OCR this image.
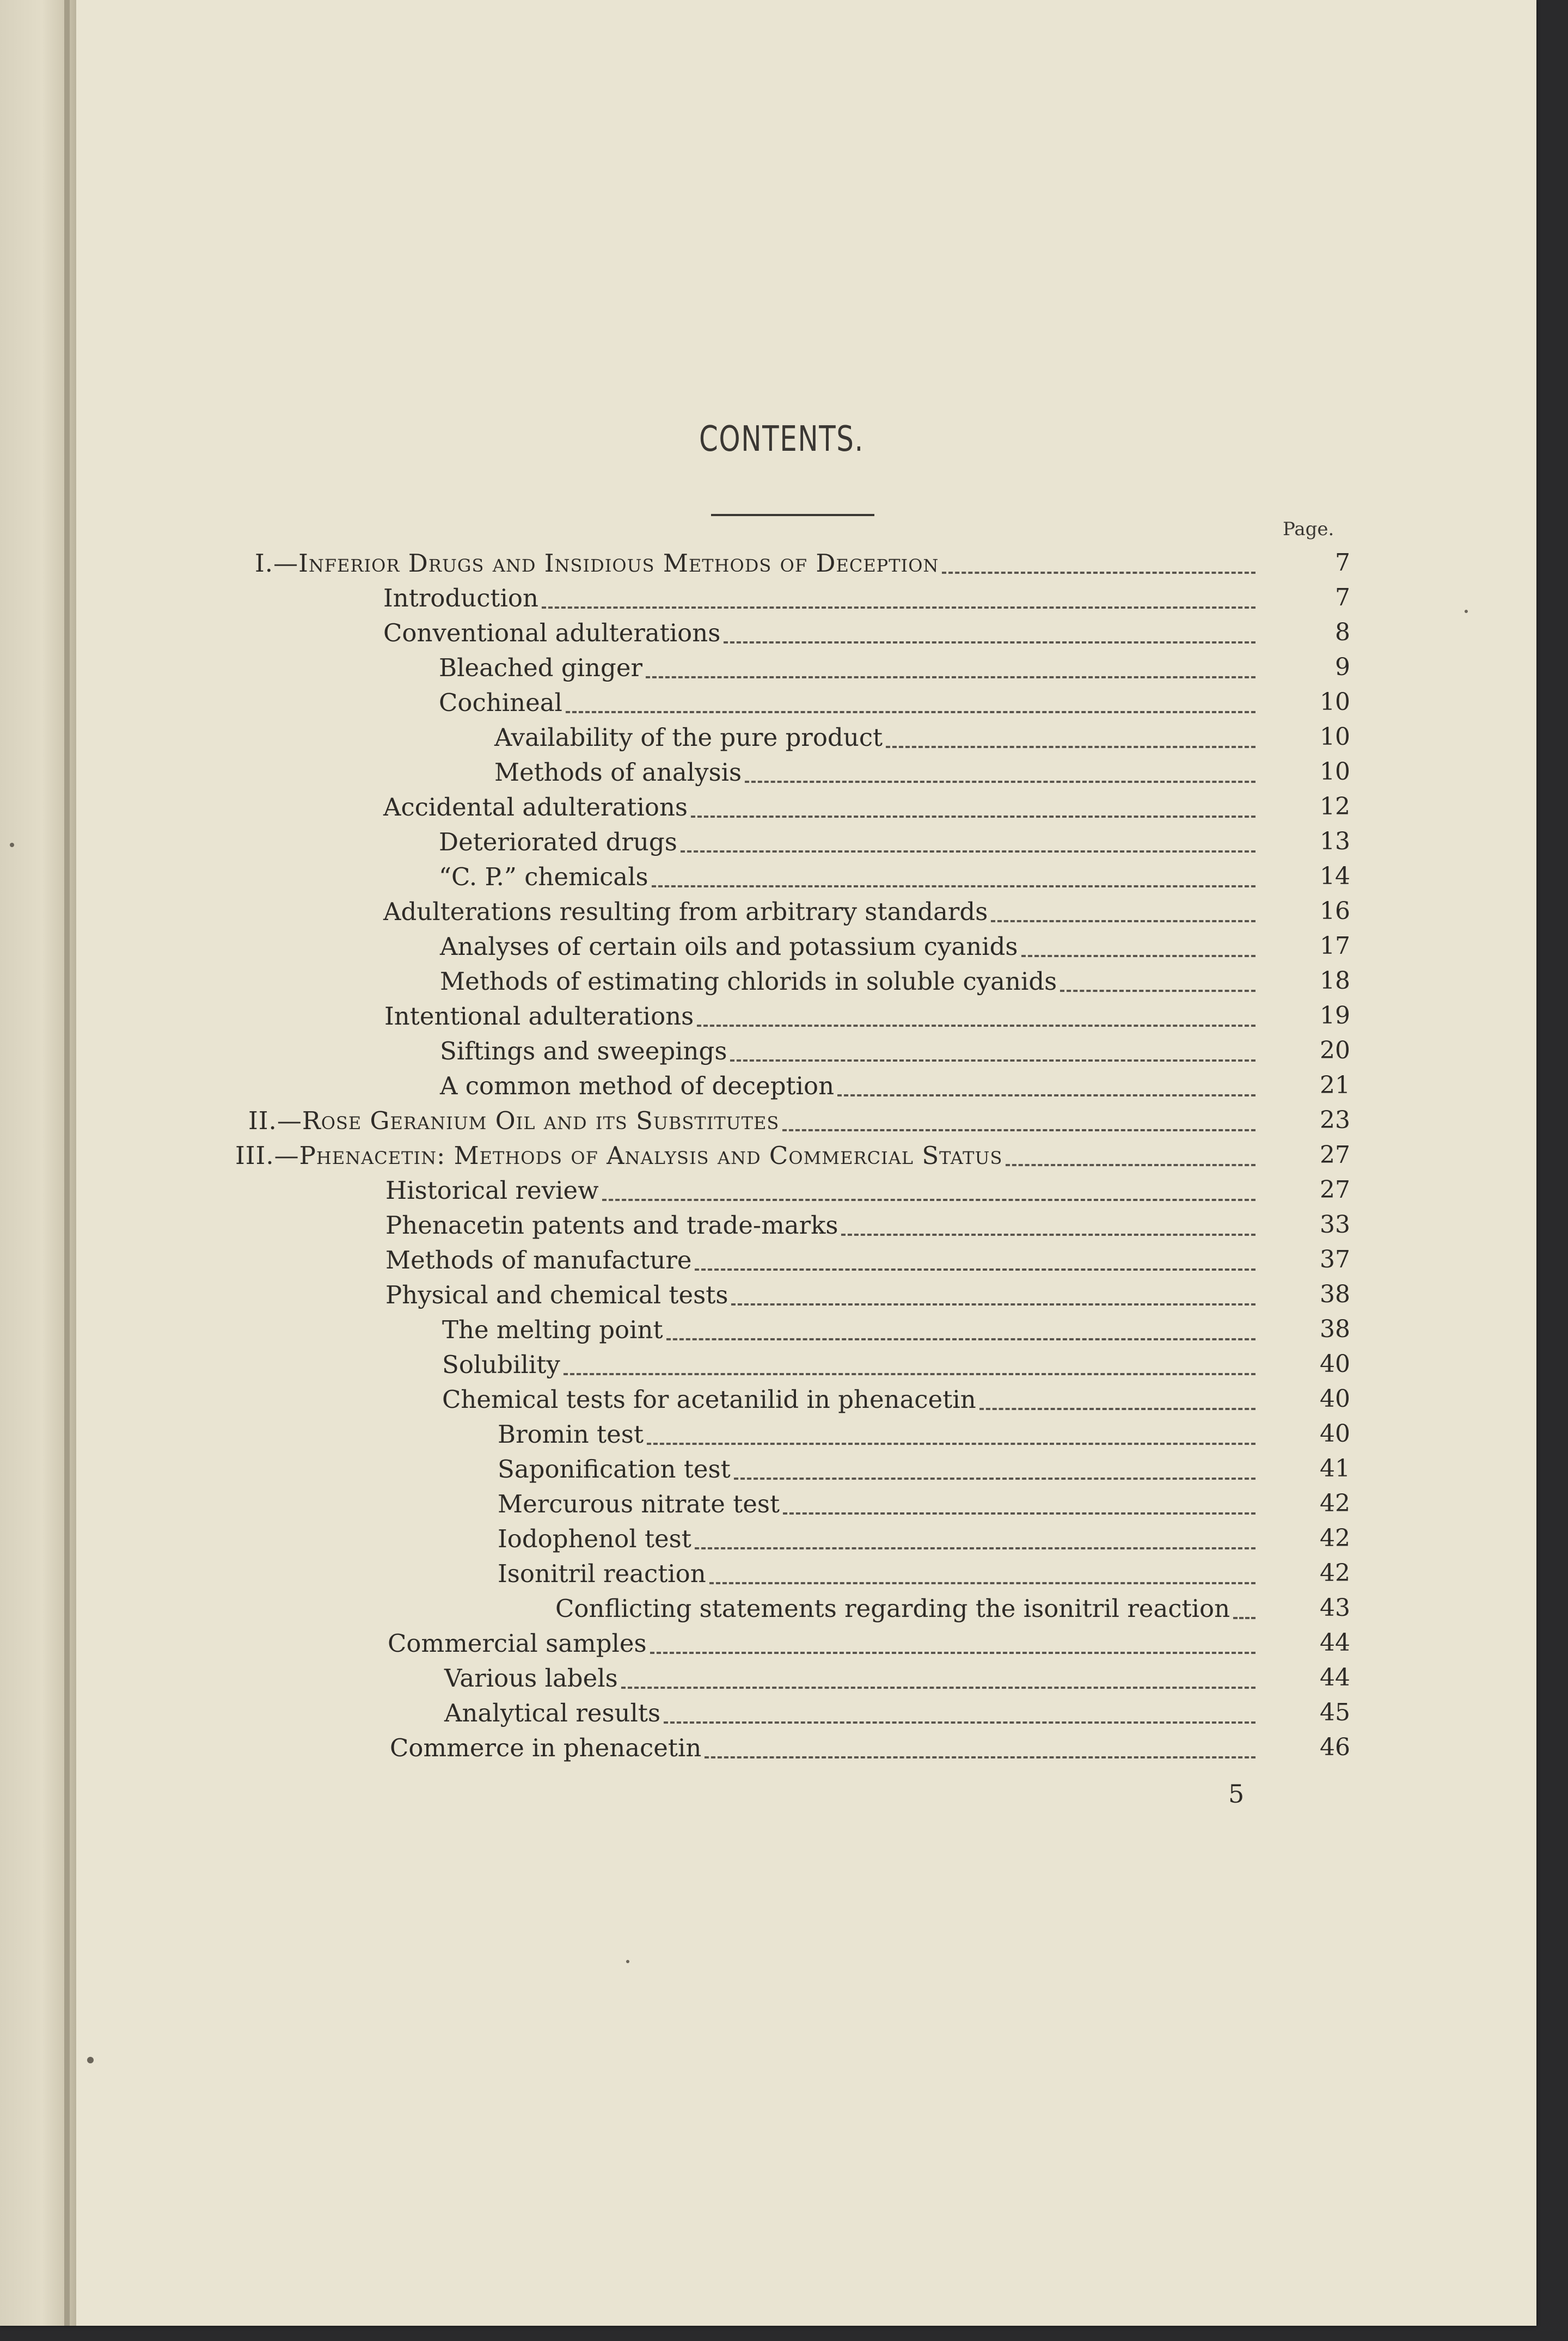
CONTENTS.
Page.
I.—Inferior Drugs and Insidious Methods of Deception	7
Introduction	7
Conventional adulterations	8
Bleached ginger	9
Cochineal	10
Availability of the pure product	10
Methods of analysis	10
Accidental adulterations	12
Deteriorated drugs	13
“C. P.” chemicals	14
Adulterations resulting from arbitrary standards	16
Analyses of certain oils and potassium cyanids	17
Methods of estimating chlorids in soluble cyanids	18
Intentional adulterations	19
Siftings and sweepings	20
A common method of deception	21
II.—Rose Geranium Oil and its Substitutes	23
III.—Phenacetin: Methods of Analysis and Commercial Status	27
Historical review	27
Phenacetin patents and trade-marks	33
Methods of manufacture	37
Physical and chemical tests	38
The melting point	38
Solubility	40
Chemical tests for acetanilid in phenacetin	40
Bromin test	40
Saponification test	41
Mercurous nitrate test	42
Iodophenol test	42
Isonitril reaction	42
Conflicting statements regarding the isonitril reaction	43
Commercial samples	44
Various labels	44
Analytical results	45
Commerce in phenacetin	46
5
